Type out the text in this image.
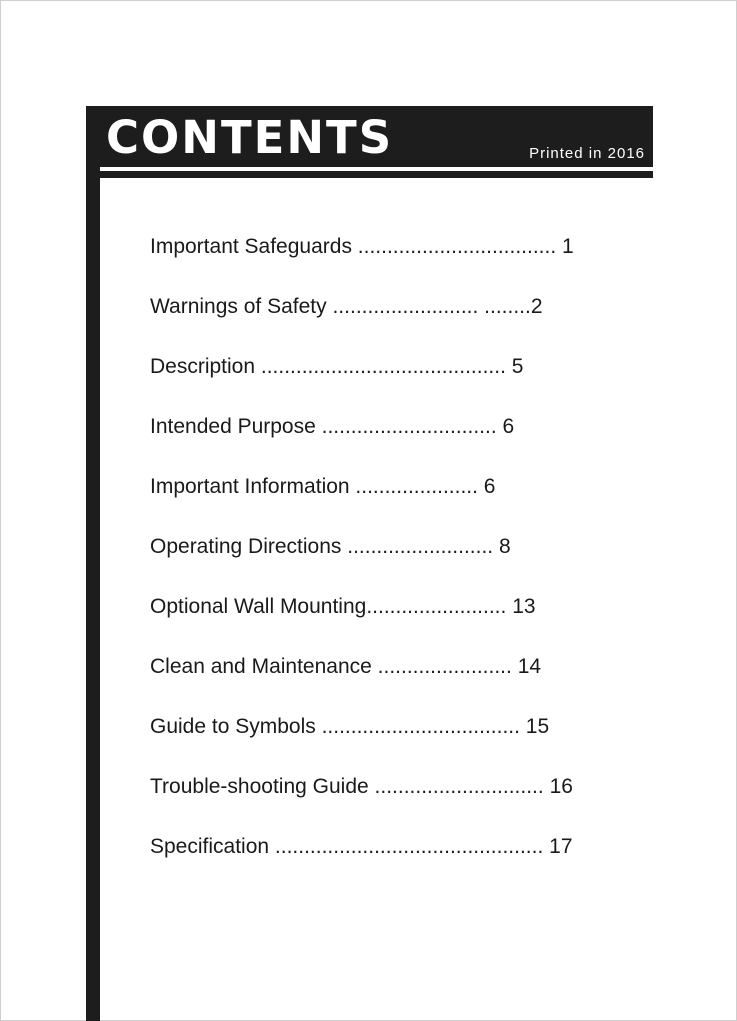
CONTENTS	Printed in 2016
Important Safeguards .................................. 1
Warnings of Safety ......................... ........2
Description .......................................... 5
Intended Purpose .............................. 6
Important Information ..................... 6
Operating Directions ......................... 8
Optional Wall Mounting........................ 13
Clean and Maintenance ....................... 14
Guide to Symbols .................................. 15
Trouble-shooting Guide ............................. 16
Specification .............................................. 17
